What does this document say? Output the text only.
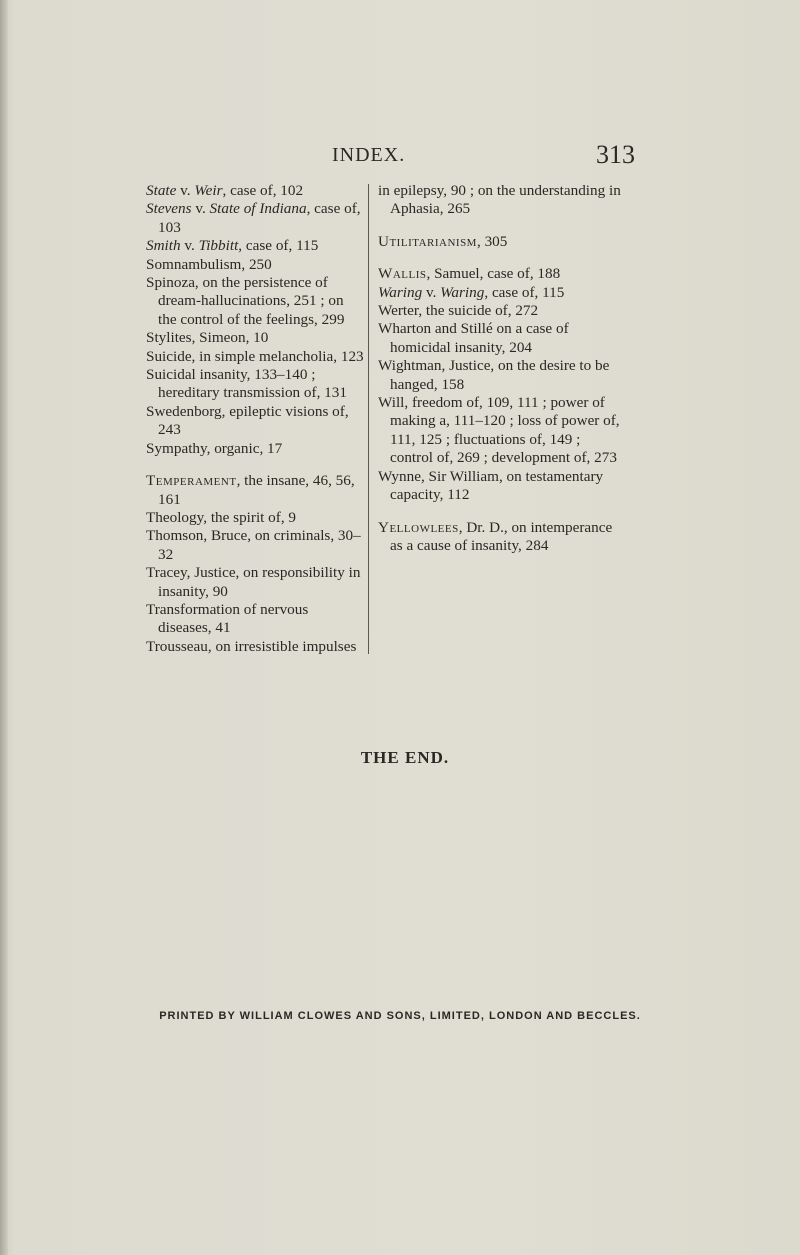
INDEX.	313

State v. Weir, case of, 102

Stevens v. State of Indiana, case of, 103

Smith v. Tibbitt, case of, 115

Somnambulism, 250

Spinoza, on the persistence of dream-hallucinations, 251 ; on the control of the feelings, 299

Stylites, Simeon, 10

Suicide, in simple melancholia, 123

Suicidal insanity, 133–140 ; hereditary transmission of, 131

Swedenborg, epileptic visions of, 243

Sympathy, organic, 17

Temperament, the insane, 46, 56, 161

Theology, the spirit of, 9

Thomson, Bruce, on criminals, 30–32

Tracey, Justice, on responsibility in insanity, 90

Transformation of nervous diseases, 41

Trousseau, on irresistible impulses

in epilepsy, 90 ; on the understanding in Aphasia, 265

Utilitarianism, 305

Wallis, Samuel, case of, 188

Waring v. Waring, case of, 115

Werter, the suicide of, 272

Wharton and Stillé on a case of homicidal insanity, 204

Wightman, Justice, on the desire to be hanged, 158

Will, freedom of, 109, 111 ; power of making a, 111–120 ; loss of power of, 111, 125 ; fluctuations of, 149 ; control of, 269 ; development of, 273

Wynne, Sir William, on testamentary capacity, 112

Yellowlees, Dr. D., on intemperance as a cause of insanity, 284

THE END.
PRINTED BY WILLIAM CLOWES AND SONS, LIMITED, LONDON AND BECCLES.
